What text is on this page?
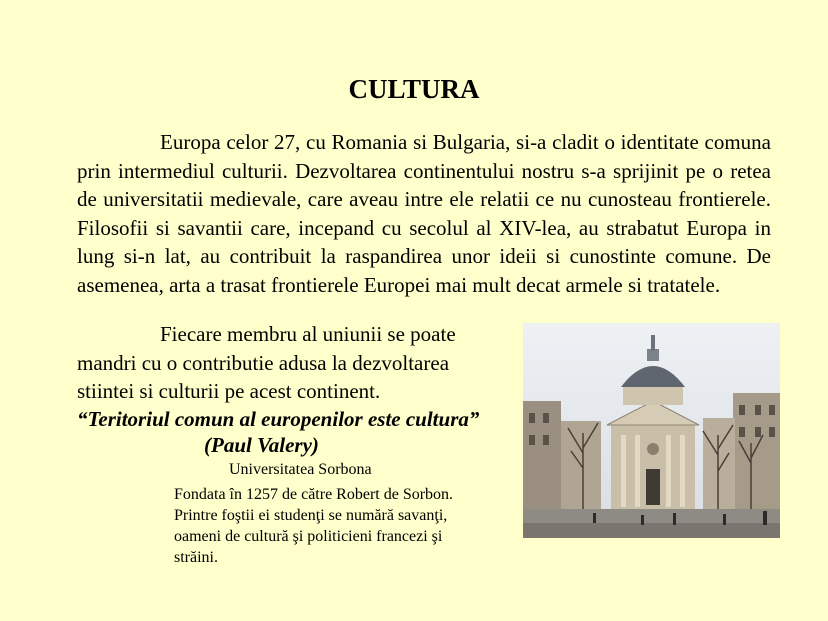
CULTURA
Europa celor 27, cu Romania si Bulgaria, si-a cladit o identitate comuna prin intermediul culturii. Dezvoltarea continentului nostru s-a sprijinit pe o retea de universitatii medievale, care aveau intre ele relatii ce nu cunosteau frontierele. Filosofii si savantii care, incepand cu secolul al XIV-lea, au strabatut Europa in lung si-n lat, au contribuit la raspandirea unor ideii si cunostinte comune. De asemenea, arta a trasat frontierele Europei mai mult decat armele si tratatele.
Fiecare membru al uniunii se poate
mandri cu o contributie adusa la dezvoltarea
stiintei si culturii pe acest continent.
“Teritoriul comun al europenilor este cultura”
(Paul Valery)
Universitatea Sorbona
Fondata în 1257 de către Robert de Sorbon.
Printre foştii ei studenţi se numără savanţi,
oameni de cultură şi politicieni francezi şi
străini.
